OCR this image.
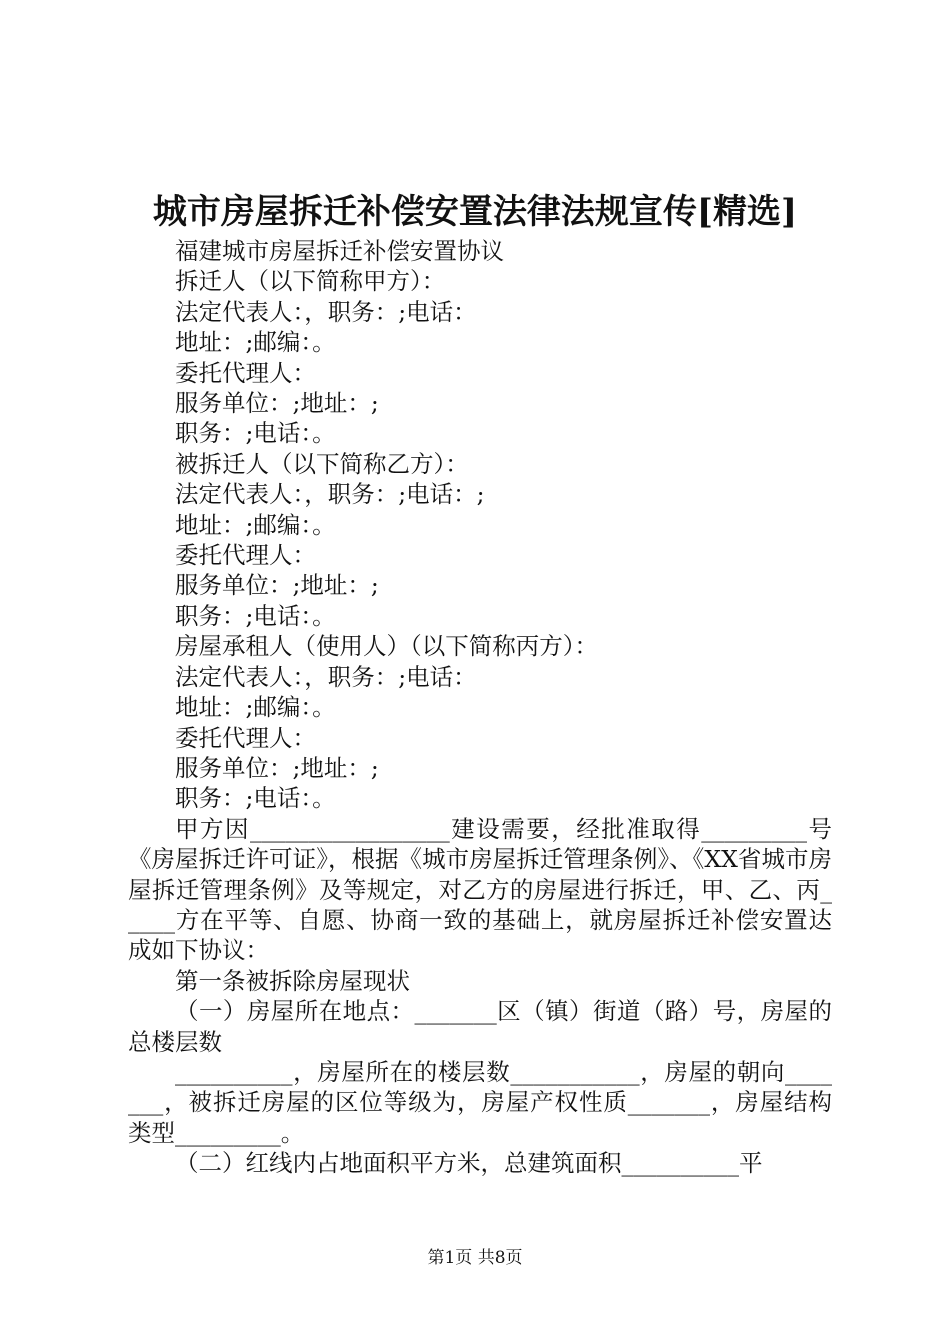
城市房屋拆迁补偿安置法律法规宣传[精选]

福建城市房屋拆迁补偿安置协议

拆迁人（以下简称甲方）：

法定代表人：，职务：;电话：

地址：;邮编：。

委托代理人：

服务单位：;地址：;

职务：;电话：。

被拆迁人（以下简称乙方）：

法定代表人：，职务：;电话：;

地址：;邮编：。

委托代理人：

服务单位：;地址：;

职务：;电话：。

房屋承租人（使用人）（以下简称丙方）：

法定代表人：，职务：;电话：

地址：;邮编：。

委托代理人：

服务单位：;地址：;

职务：;电话：。

甲方因_________________建设需要，经批准取得_________号《房屋拆迁许可证》，根据《城市房屋拆迁管理条例》、《XX省城市房屋拆迁管理条例》及等规定，对乙方的房屋进行拆迁，甲、乙、丙_____方在平等、自愿、协商一致的基础上，就房屋拆迁补偿安置达成如下协议：

第一条被拆除房屋现状

（一）房屋所在地点：_______区（镇）街道（路）号，房屋的总楼层数

__________，房屋所在的楼层数___________，房屋的朝向_______，被拆迁房屋的区位等级为，房屋产权性质_______，房屋结构类型_________。

（二）红线内占地面积平方米，总建筑面积__________平

第1页 共8页
